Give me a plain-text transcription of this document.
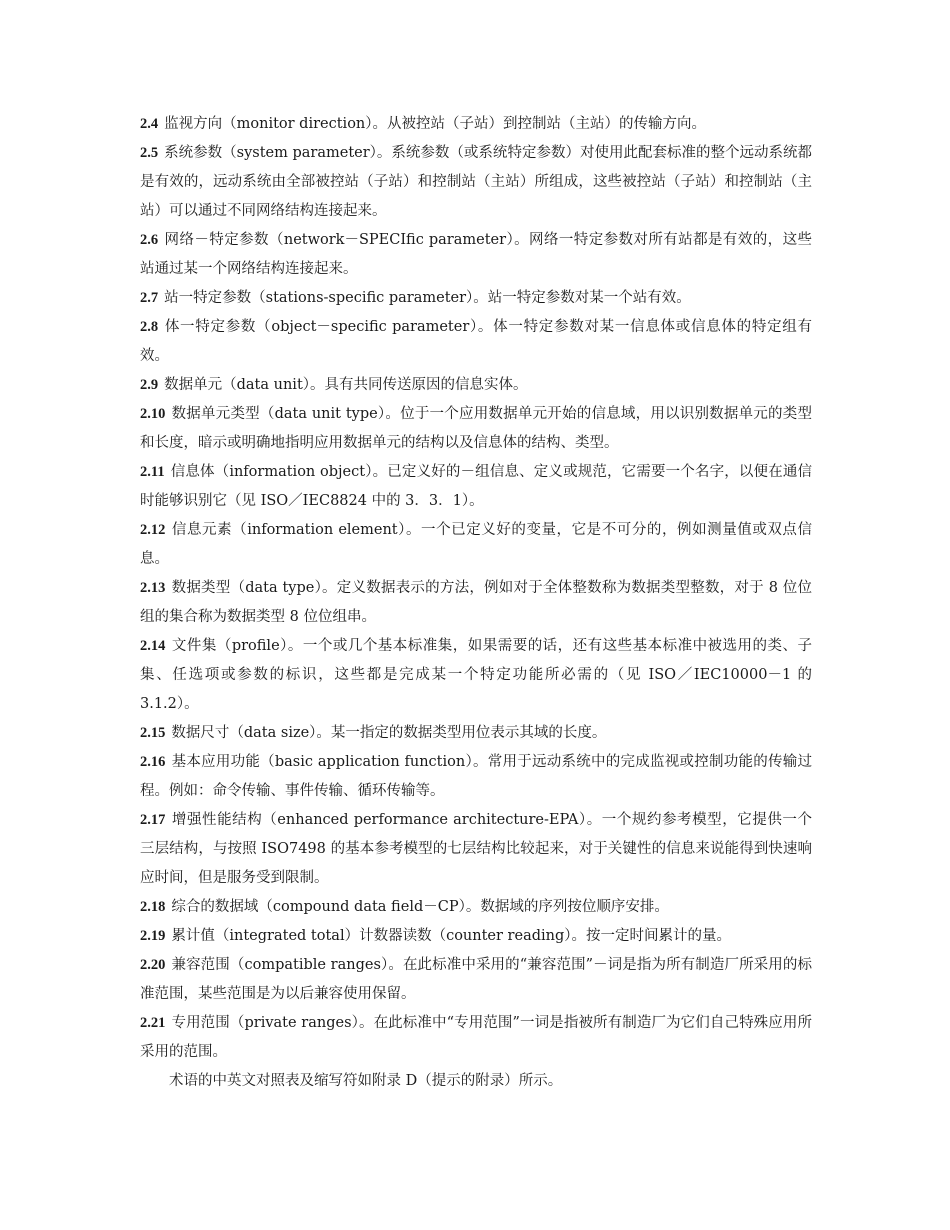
2.4 监视方向（monitor direction）。从被控站（子站）到控制站（主站）的传输方向。

2.5 系统参数（system parameter）。系统参数（或系统特定参数）对使用此配套标准的整个远动系统都是有效的，远动系统由全部被控站（子站）和控制站（主站）所组成，这些被控站（子站）和控制站（主站）可以通过不同网络结构连接起来。

2.6 网络－特定参数（network－SPECIfic parameter）。网络一特定参数对所有站都是有效的，这些站通过某一个网络结构连接起来。

2.7 站一特定参数（stations-specific parameter）。站一特定参数对某一个站有效。

2.8 体一特定参数（object－specific parameter）。体一特定参数对某一信息体或信息体的特定组有效。

2.9 数据单元（data unit）。具有共同传送原因的信息实体。

2.10 数据单元类型（data unit type）。位于一个应用数据单元开始的信息域，用以识别数据单元的类型和长度，暗示或明确地指明应用数据单元的结构以及信息体的结构、类型。

2.11 信息体（information object）。已定义好的－组信息、定义或规范，它需要一个名字，以便在通信时能够识别它（见 ISO／IEC8824 中的 3．3．1）。

2.12 信息元素（information element）。一个已定义好的变量，它是不可分的，例如测量值或双点信息。

2.13 数据类型（data type）。定义数据表示的方法，例如对于全体整数称为数据类型整数，对于 8 位位组的集合称为数据类型 8 位位组串。

2.14 文件集（profile）。一个或几个基本标准集，如果需要的话，还有这些基本标准中被选用的类、子集、任选项或参数的标识，这些都是完成某一个特定功能所必需的（见 ISO／IEC10000－1 的 3.1.2）。

2.15 数据尺寸（data size）。某一指定的数据类型用位表示其域的长度。

2.16 基本应用功能（basic application function）。常用于远动系统中的完成监视或控制功能的传输过程。例如：命令传输、事件传输、循环传输等。

2.17 增强性能结构（enhanced performance architecture-EPA）。一个规约参考模型，它提供一个三层结构，与按照 ISO7498 的基本参考模型的七层结构比较起来，对于关键性的信息来说能得到快速响应时间，但是服务受到限制。

2.18 综合的数据域（compound data field－CP）。数据域的序列按位顺序安排。

2.19 累计值（integrated total）计数器读数（counter reading）。按一定时间累计的量。

2.20 兼容范围（compatible ranges）。在此标准中采用的“兼容范围”－词是指为所有制造厂所采用的标准范围，某些范围是为以后兼容使用保留。

2.21 专用范围（private ranges）。在此标准中“专用范围”一词是指被所有制造厂为它们自己特殊应用所采用的范围。

术语的中英文对照表及缩写符如附录 D（提示的附录）所示。
